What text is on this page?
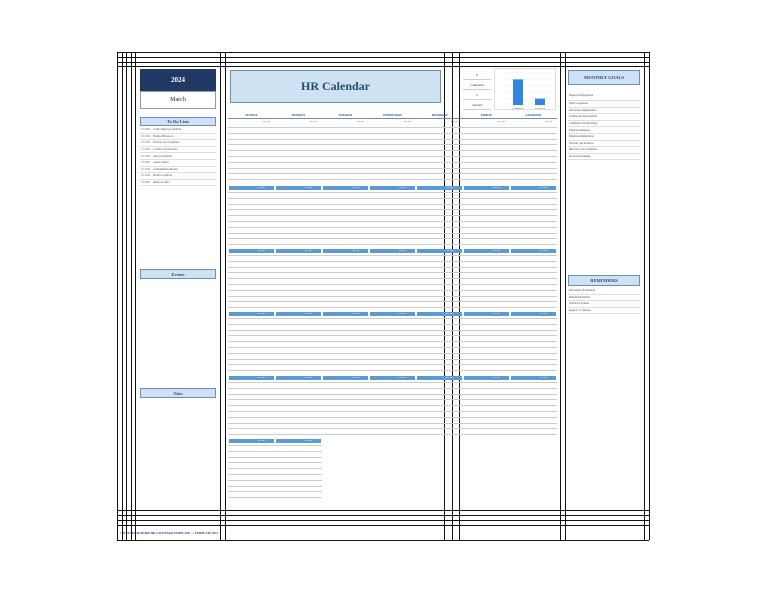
2024
March
HR Calendar
8
Completed
0
canceled
Completed	Canceled
To Do Lists
3/1/2024	Collect employee feedback
3/1/2024	Finalize HR reports
3/1/2024	Develop new recognition
3/1/2024	Conduct exit interviews
3/1/2024	Analyze feedback
3/1/2024	Assess trainees
3/1/2024	Comprehensive Review
3/1/2024	Monitor workflow
3/1/2024	Make job offers
Events
Note
MONTHLY GOALS
Employee Engagement
Talent Acquisition
Performance Management
Training and Development
Compliance and Reporting
Employee Relations
Benefits Administration
Diversity and Inclusion
HR Policy and Compliance
Succession Planning
REMINDERS
Performance Evaluations
Benefits Enrollment
Workforce Updates
Regular 1:1 Sessions
SUNDAY	MONDAY	TUESDAY	WEDNESDAY	THURSDAY	FRIDAY	SATURDAY
Rev 08d	Rev 08d	Rev 08d	Rev 08d	Rev 08d	Rev 08d	Rev 08d
Rev 08d	Rev 08d	Rev 08d	Rev 08d	Rev 08d	Rev 08d	Rev 08d
Rev 08d	Rev 08d	Rev 08d	Rev 08d	Rev 08d	Rev 08d	Rev 08d
Rev 08d	Rev 08d	Rev 08d	Rev 08d	Rev 08d	Rev 08d	Rev 08d
Rev 08d	Rev 08d
Rev 08d	Rev 08d	Rev 08d	Rev 08d	Rev 08d	Rev 08d	Rev 08d
© WPS/MAOR MORE HR CALENDAR TEMPLATE — TEMPLATE.NET
